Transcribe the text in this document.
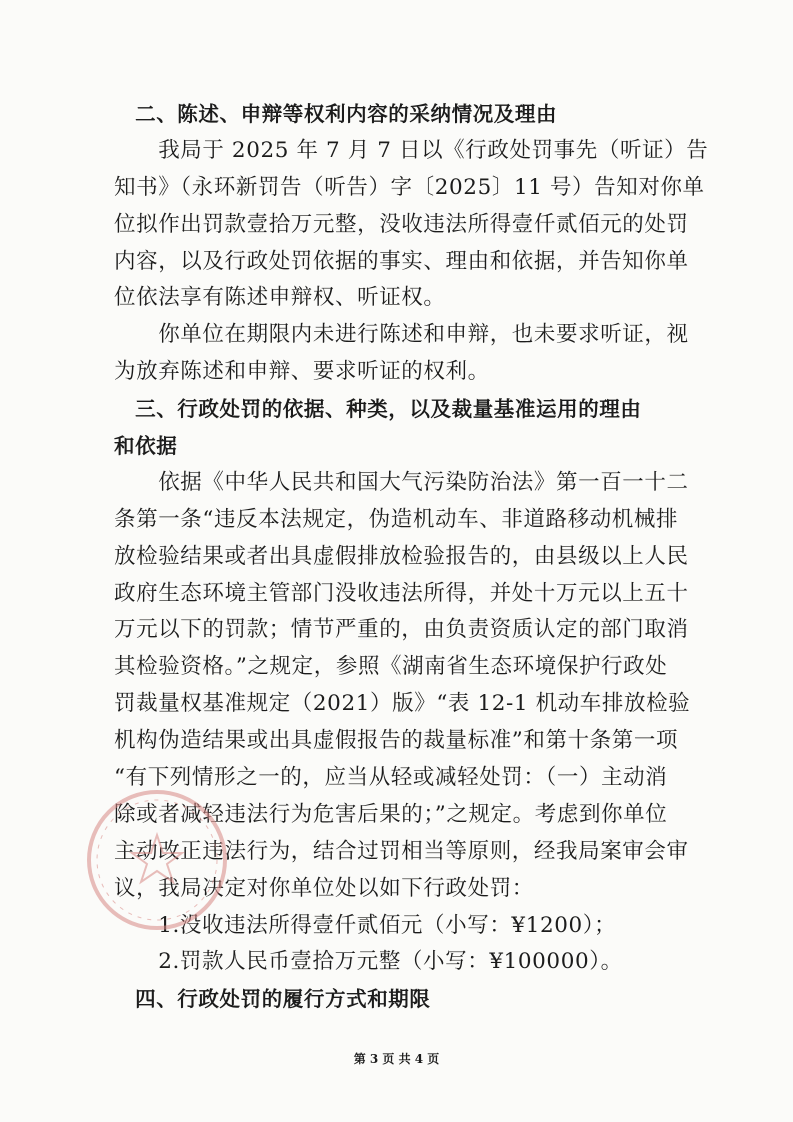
　二、陈述、申辩等权利内容的采纳情况及理由
　　我局于 2025 年 7 月 7 日以《行政处罚事先（听证）告
知书》（永环新罚告（听告）字〔2025〕11 号）告知对你单
位拟作出罚款壹拾万元整，没收违法所得壹仟贰佰元的处罚
内容，以及行政处罚依据的事实、理由和依据，并告知你单
位依法享有陈述申辩权、听证权。
　　你单位在期限内未进行陈述和申辩，也未要求听证，视
为放弃陈述和申辩、要求听证的权利。
　三、行政处罚的依据、种类，以及裁量基准运用的理由
和依据
　　依据《中华人民共和国大气污染防治法》第一百一十二
条第一条“违反本法规定，伪造机动车、非道路移动机械排
放检验结果或者出具虚假排放检验报告的，由县级以上人民
政府生态环境主管部门没收违法所得，并处十万元以上五十
万元以下的罚款；情节严重的，由负责资质认定的部门取消
其检验资格。”之规定，参照《湖南省生态环境保护行政处
罚裁量权基准规定（2021）版》“表 12-1 机动车排放检验
机构伪造结果或出具虚假报告的裁量标准”和第十条第一项
“有下列情形之一的，应当从轻或减轻处罚：（一）主动消
除或者减轻违法行为危害后果的；”之规定。考虑到你单位
主动改正违法行为，结合过罚相当等原则，经我局案审会审
议，我局决定对你单位处以如下行政处罚：
　　1.没收违法所得壹仟贰佰元（小写：¥1200）；
　　2.罚款人民币壹拾万元整（小写：¥100000）。
　四、行政处罚的履行方式和期限
第 3 页 共 4 页
